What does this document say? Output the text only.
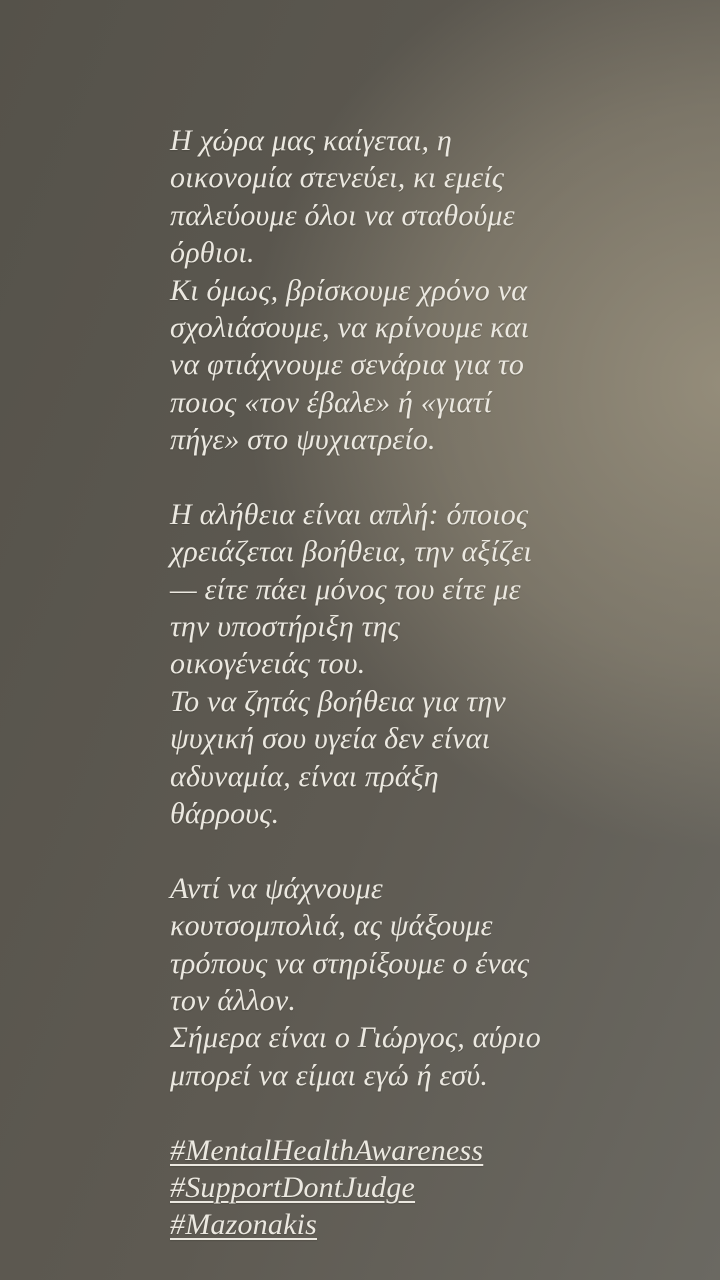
Η χώρα μας καίγεται, η
οικονομία στενεύει, κι εμείς
παλεύουμε όλοι να σταθούμε
όρθιοι.
Κι όμως, βρίσκουμε χρόνο να
σχολιάσουμε, να κρίνουμε και
να φτιάχνουμε σενάρια για το
ποιος «τον έβαλε» ή «γιατί
πήγε» στο ψυχιατρείο.
Η αλήθεια είναι απλή: όποιος
χρειάζεται βοήθεια, την αξίζει
— είτε πάει μόνος του είτε με
την υποστήριξη της
οικογένειάς του.
Το να ζητάς βοήθεια για την
ψυχική σου υγεία δεν είναι
αδυναμία, είναι πράξη
θάρρους.
Αντί να ψάχνουμε
κουτσομπολιά, ας ψάξουμε
τρόπους να στηρίξουμε ο ένας
τον άλλον.
Σήμερα είναι ο Γιώργος, αύριο
μπορεί να είμαι εγώ ή εσύ.
#MentalHealthAwareness
#SupportDontJudge
#Mazonakis
